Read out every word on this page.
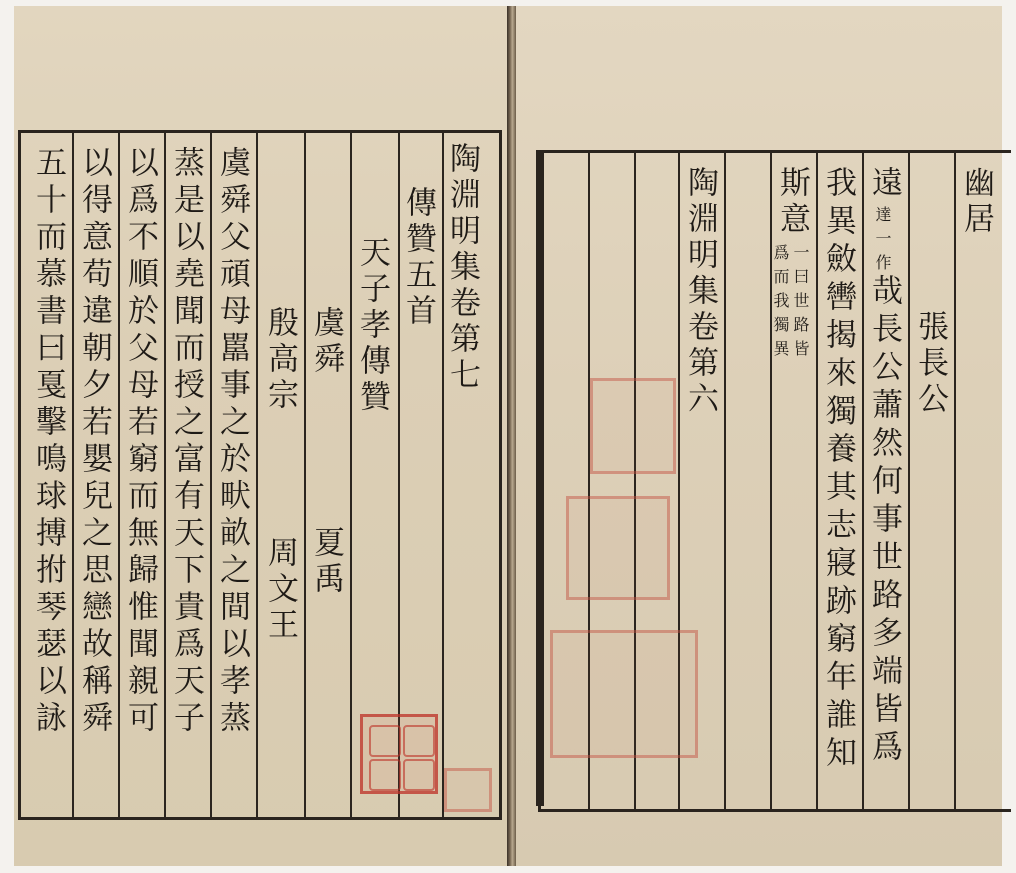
陶淵明集卷第七
傳贊五首
天子孝傳贊
虞舜
夏禹
殷高宗
周文王
虞舜父頑母嚚事之於畎畝之間以孝蒸
蒸是以堯聞而授之富有天下貴爲天子
以爲不順於父母若窮而無歸惟聞親可
以得意苟違朝夕若嬰兒之思戀故稱舜
五十而慕書曰戛擊鳴球搏拊琴瑟以詠	陶淵明集卷第六	幽居
張長公
遠
達一作
哉長公蕭然何事世路多端皆爲
我異斂轡揭來獨養其志寢跡窮年誰知
斯意
一曰世路皆
爲而我獨異
